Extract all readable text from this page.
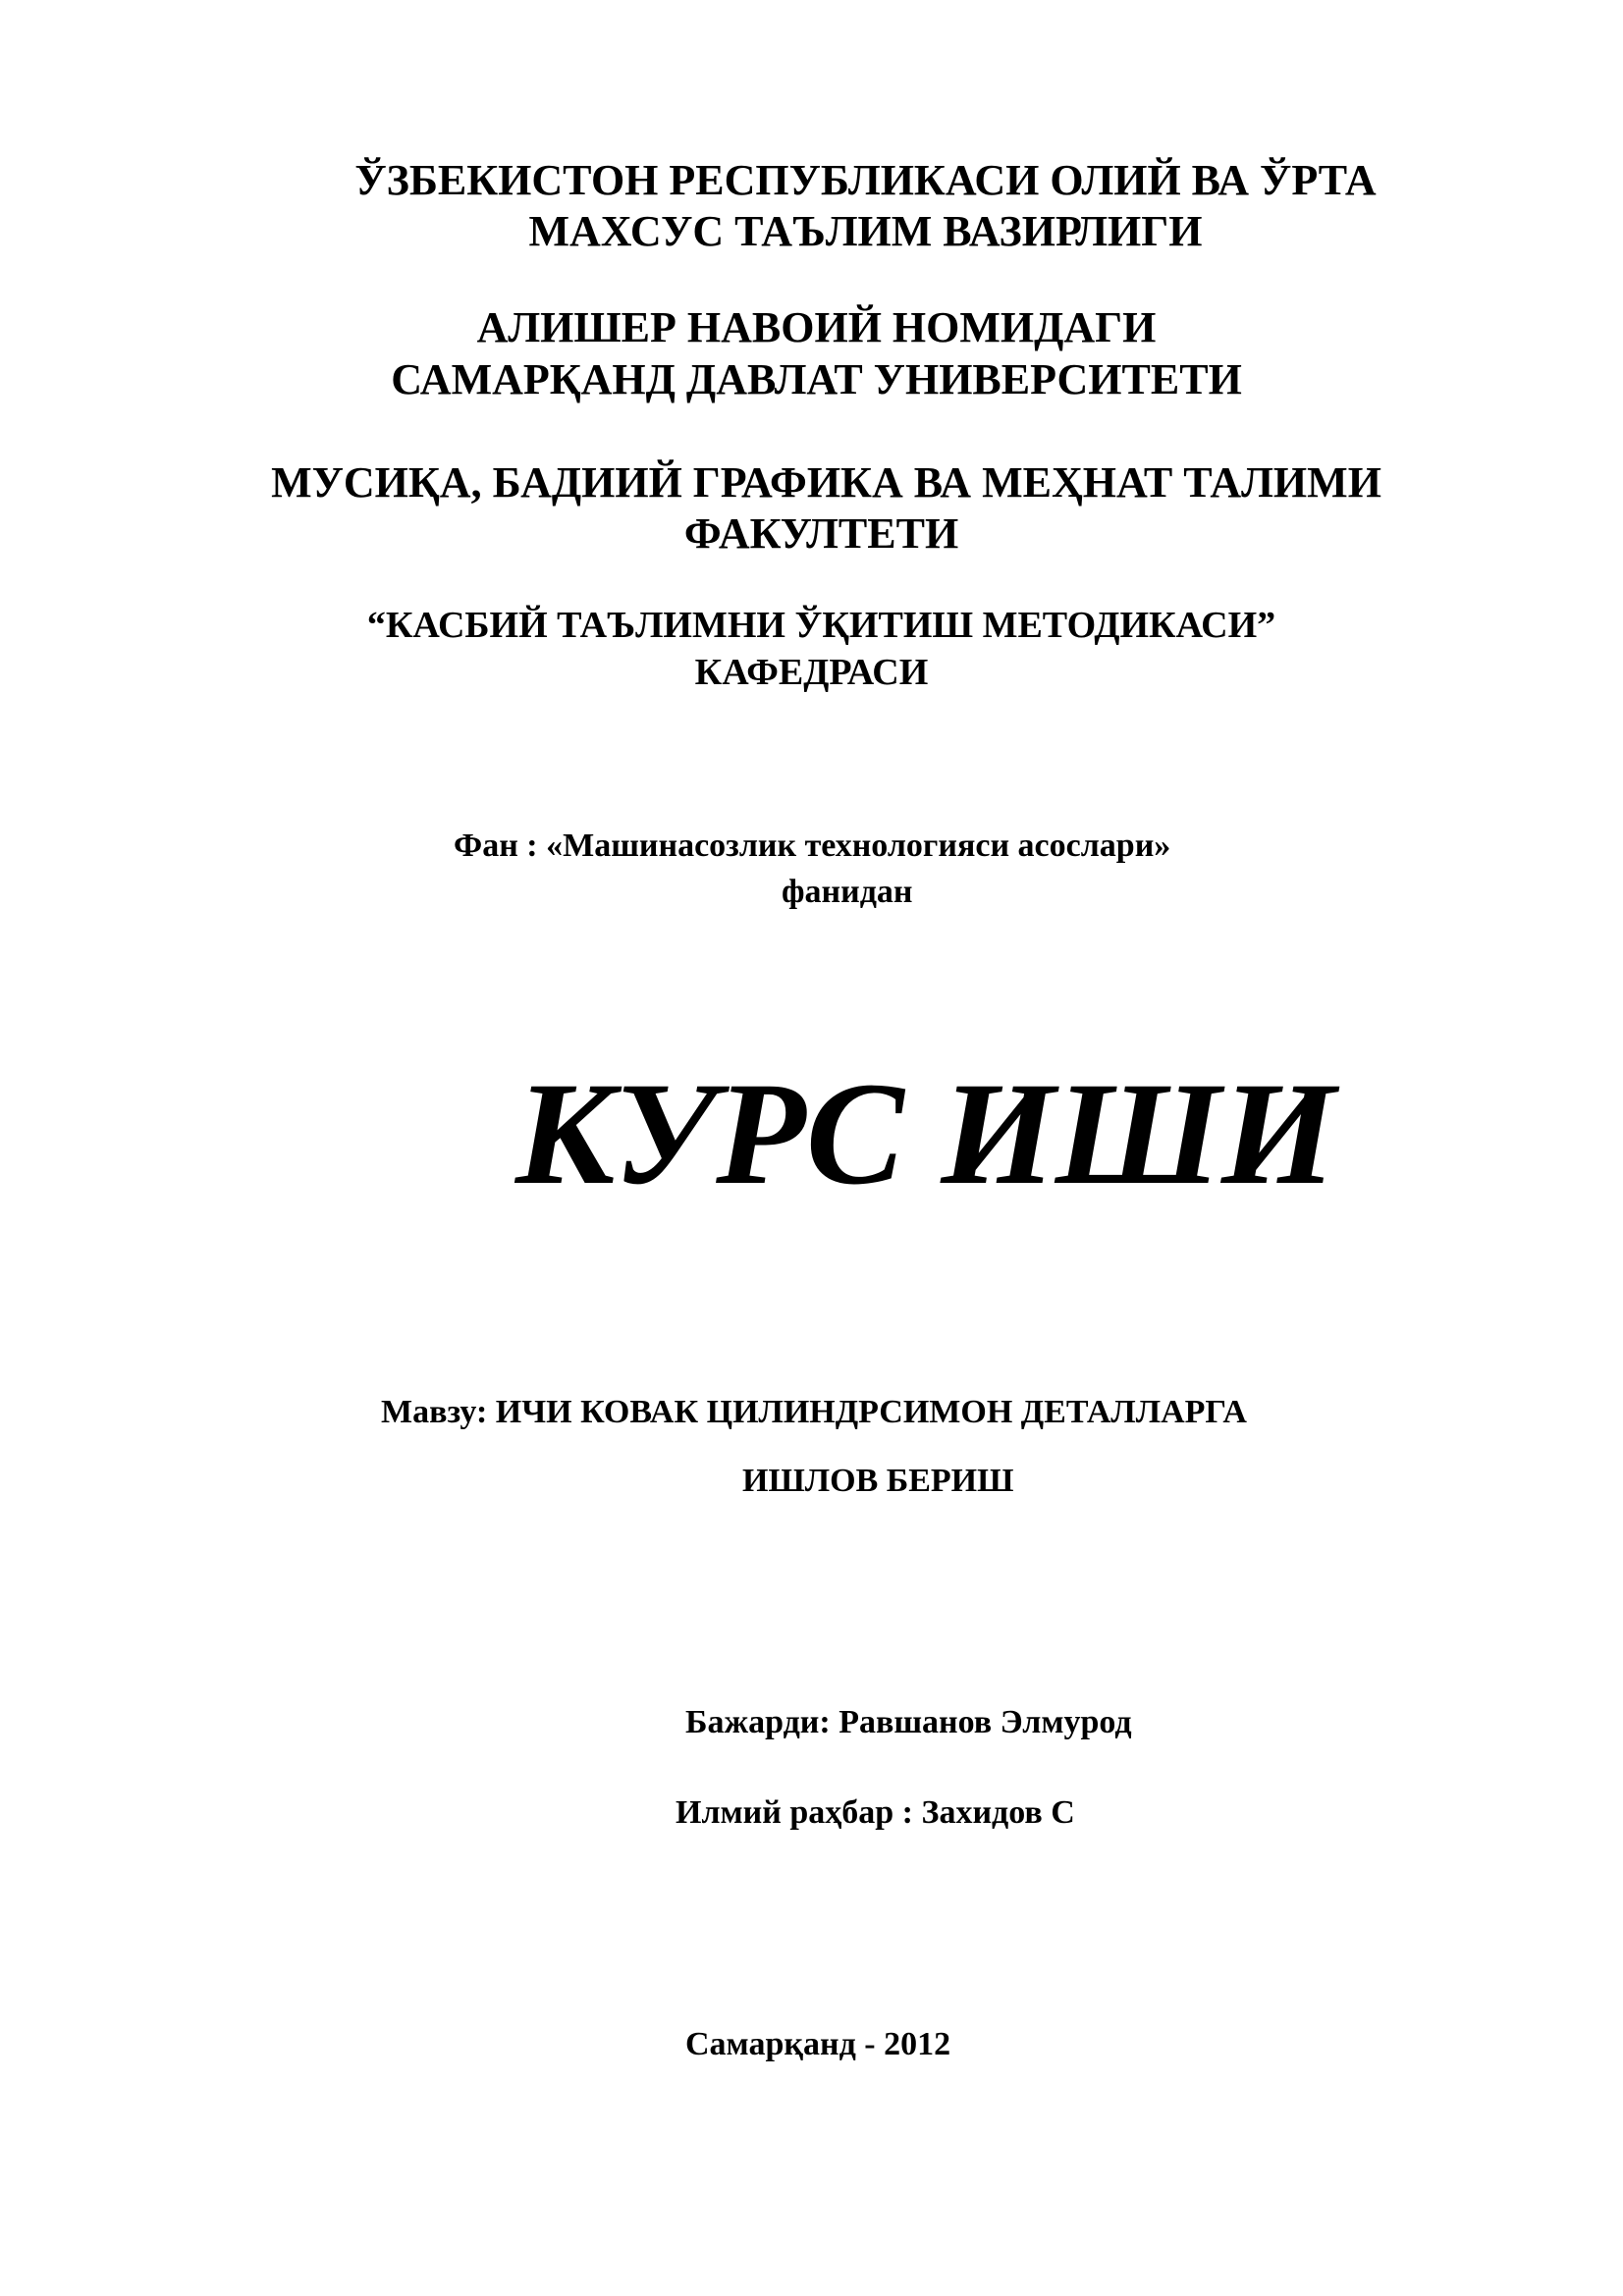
ЎЗБЕКИСТОН РЕСПУБЛИКАСИ ОЛИЙ ВА ЎРТА
МАХСУС ТАЪЛИМ ВАЗИРЛИГИ
АЛИШЕР НАВОИЙ НОМИДАГИ
САМАРҚАНД ДАВЛАТ УНИВЕРСИТЕТИ
МУСИҚА, БАДИИЙ ГРАФИКА ВА МЕҲНАТ ТАЛИМИ
ФАКУЛТЕТИ
“КАСБИЙ ТАЪЛИМНИ ЎҚИТИШ МЕТОДИКАСИ”
КАФЕДРАСИ
Фан : «Машинасозлик технологияси асослари»
фанидан
КУРС ИШИ
Мавзу: ИЧИ КОВАК ЦИЛИНДРСИМОН ДЕТАЛЛАРГА
ИШЛОВ БЕРИШ
Бажарди: Равшанов Элмурод
Илмий раҳбар : Захидов С
Самарқанд - 2012
